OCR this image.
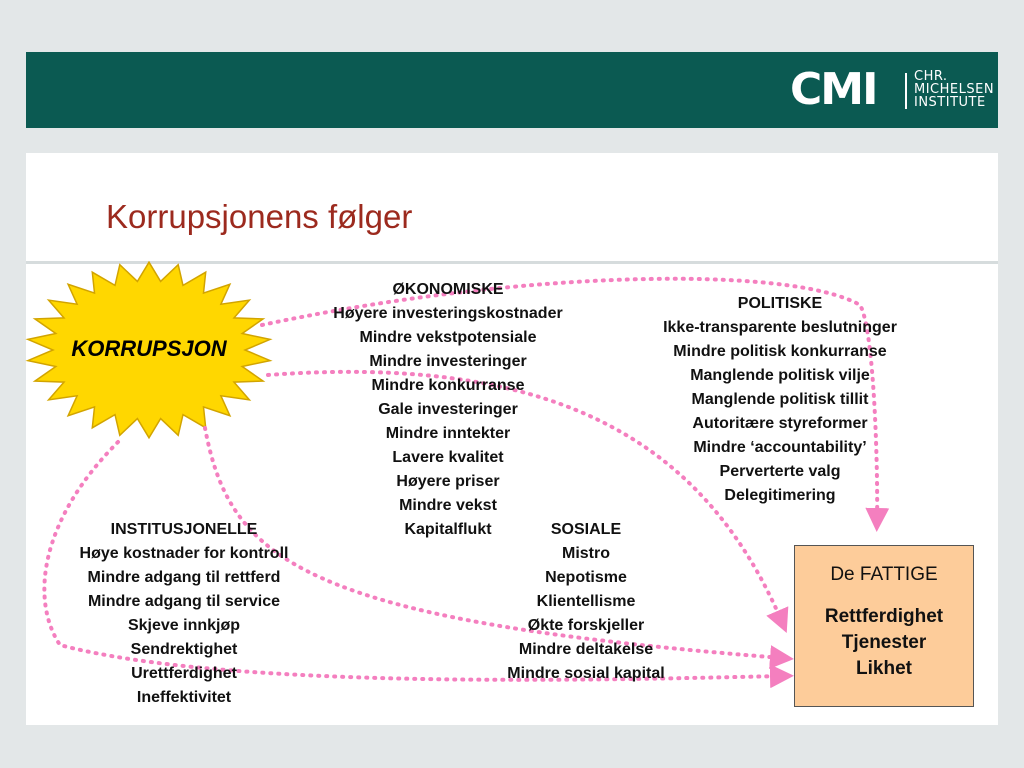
CMI	CHR.
MICHELSEN
INSTITUTE
Korrupsjonens følger
KORRUPSJON
ØKONOMISKE
Høyere investeringskostnader
Mindre vekstpotensiale
Mindre investeringer
Mindre konkurranse
Gale investeringer
Mindre inntekter
Lavere kvalitet
Høyere priser
Mindre vekst
Kapitalflukt
POLITISKE
Ikke-transparente beslutninger
Mindre politisk konkurranse
Manglende politisk vilje
Manglende politisk tillit
Autoritære styreformer
Mindre ‘accountability’
Perverterte valg
Delegitimering
INSTITUSJONELLE
Høye kostnader for kontroll
Mindre adgang til rettferd
Mindre adgang til service
Skjeve innkjøp
Sendrektighet
Urettferdighet
Ineffektivitet
SOSIALE
Mistro
Nepotisme
Klientellisme
Økte forskjeller
Mindre deltakelse
Mindre sosial kapital
De FATTIGE
Rettferdighet
Tjenester
Likhet
